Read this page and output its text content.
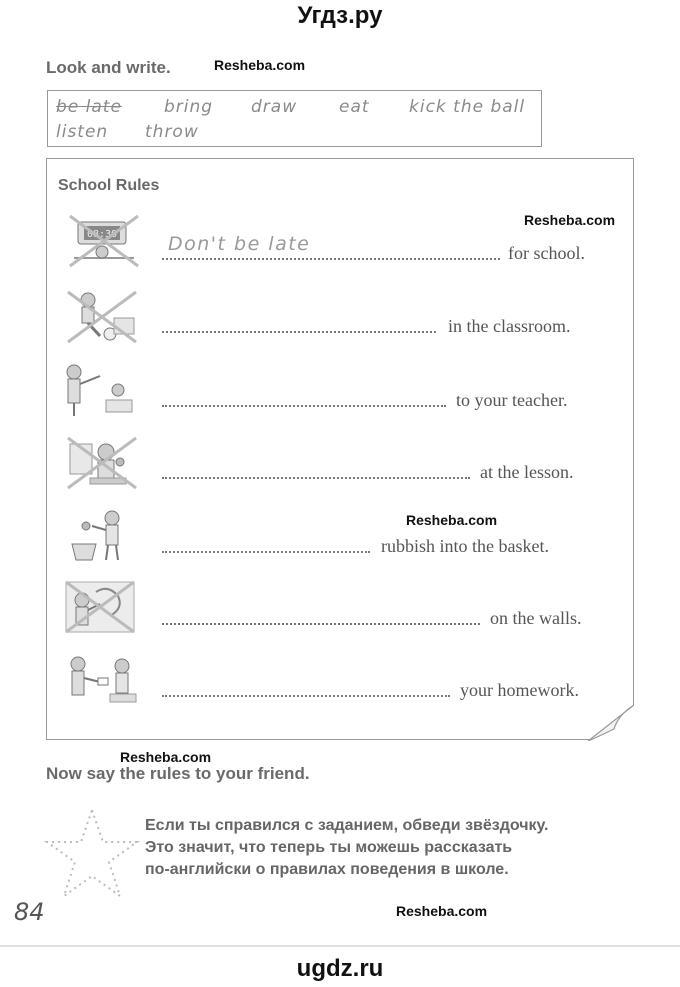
Угдз.ру
Look and write.	Resheba.com
be late bring draw eat kick the ball
listen throw
School Rules
Resheba.com
08:30	Don't be late	for school.
in the classroom.
to your teacher.
at the lesson.
Resheba.com
rubbish into the basket.
on the walls.
your homework.
Resheba.com
Now say the rules to your friend.
Если ты справился с заданием, обведи звёздочку.
Это значит, что теперь ты можешь рассказать
по-английски о правилах поведения в школе.
84	Resheba.com
ugdz.ru
